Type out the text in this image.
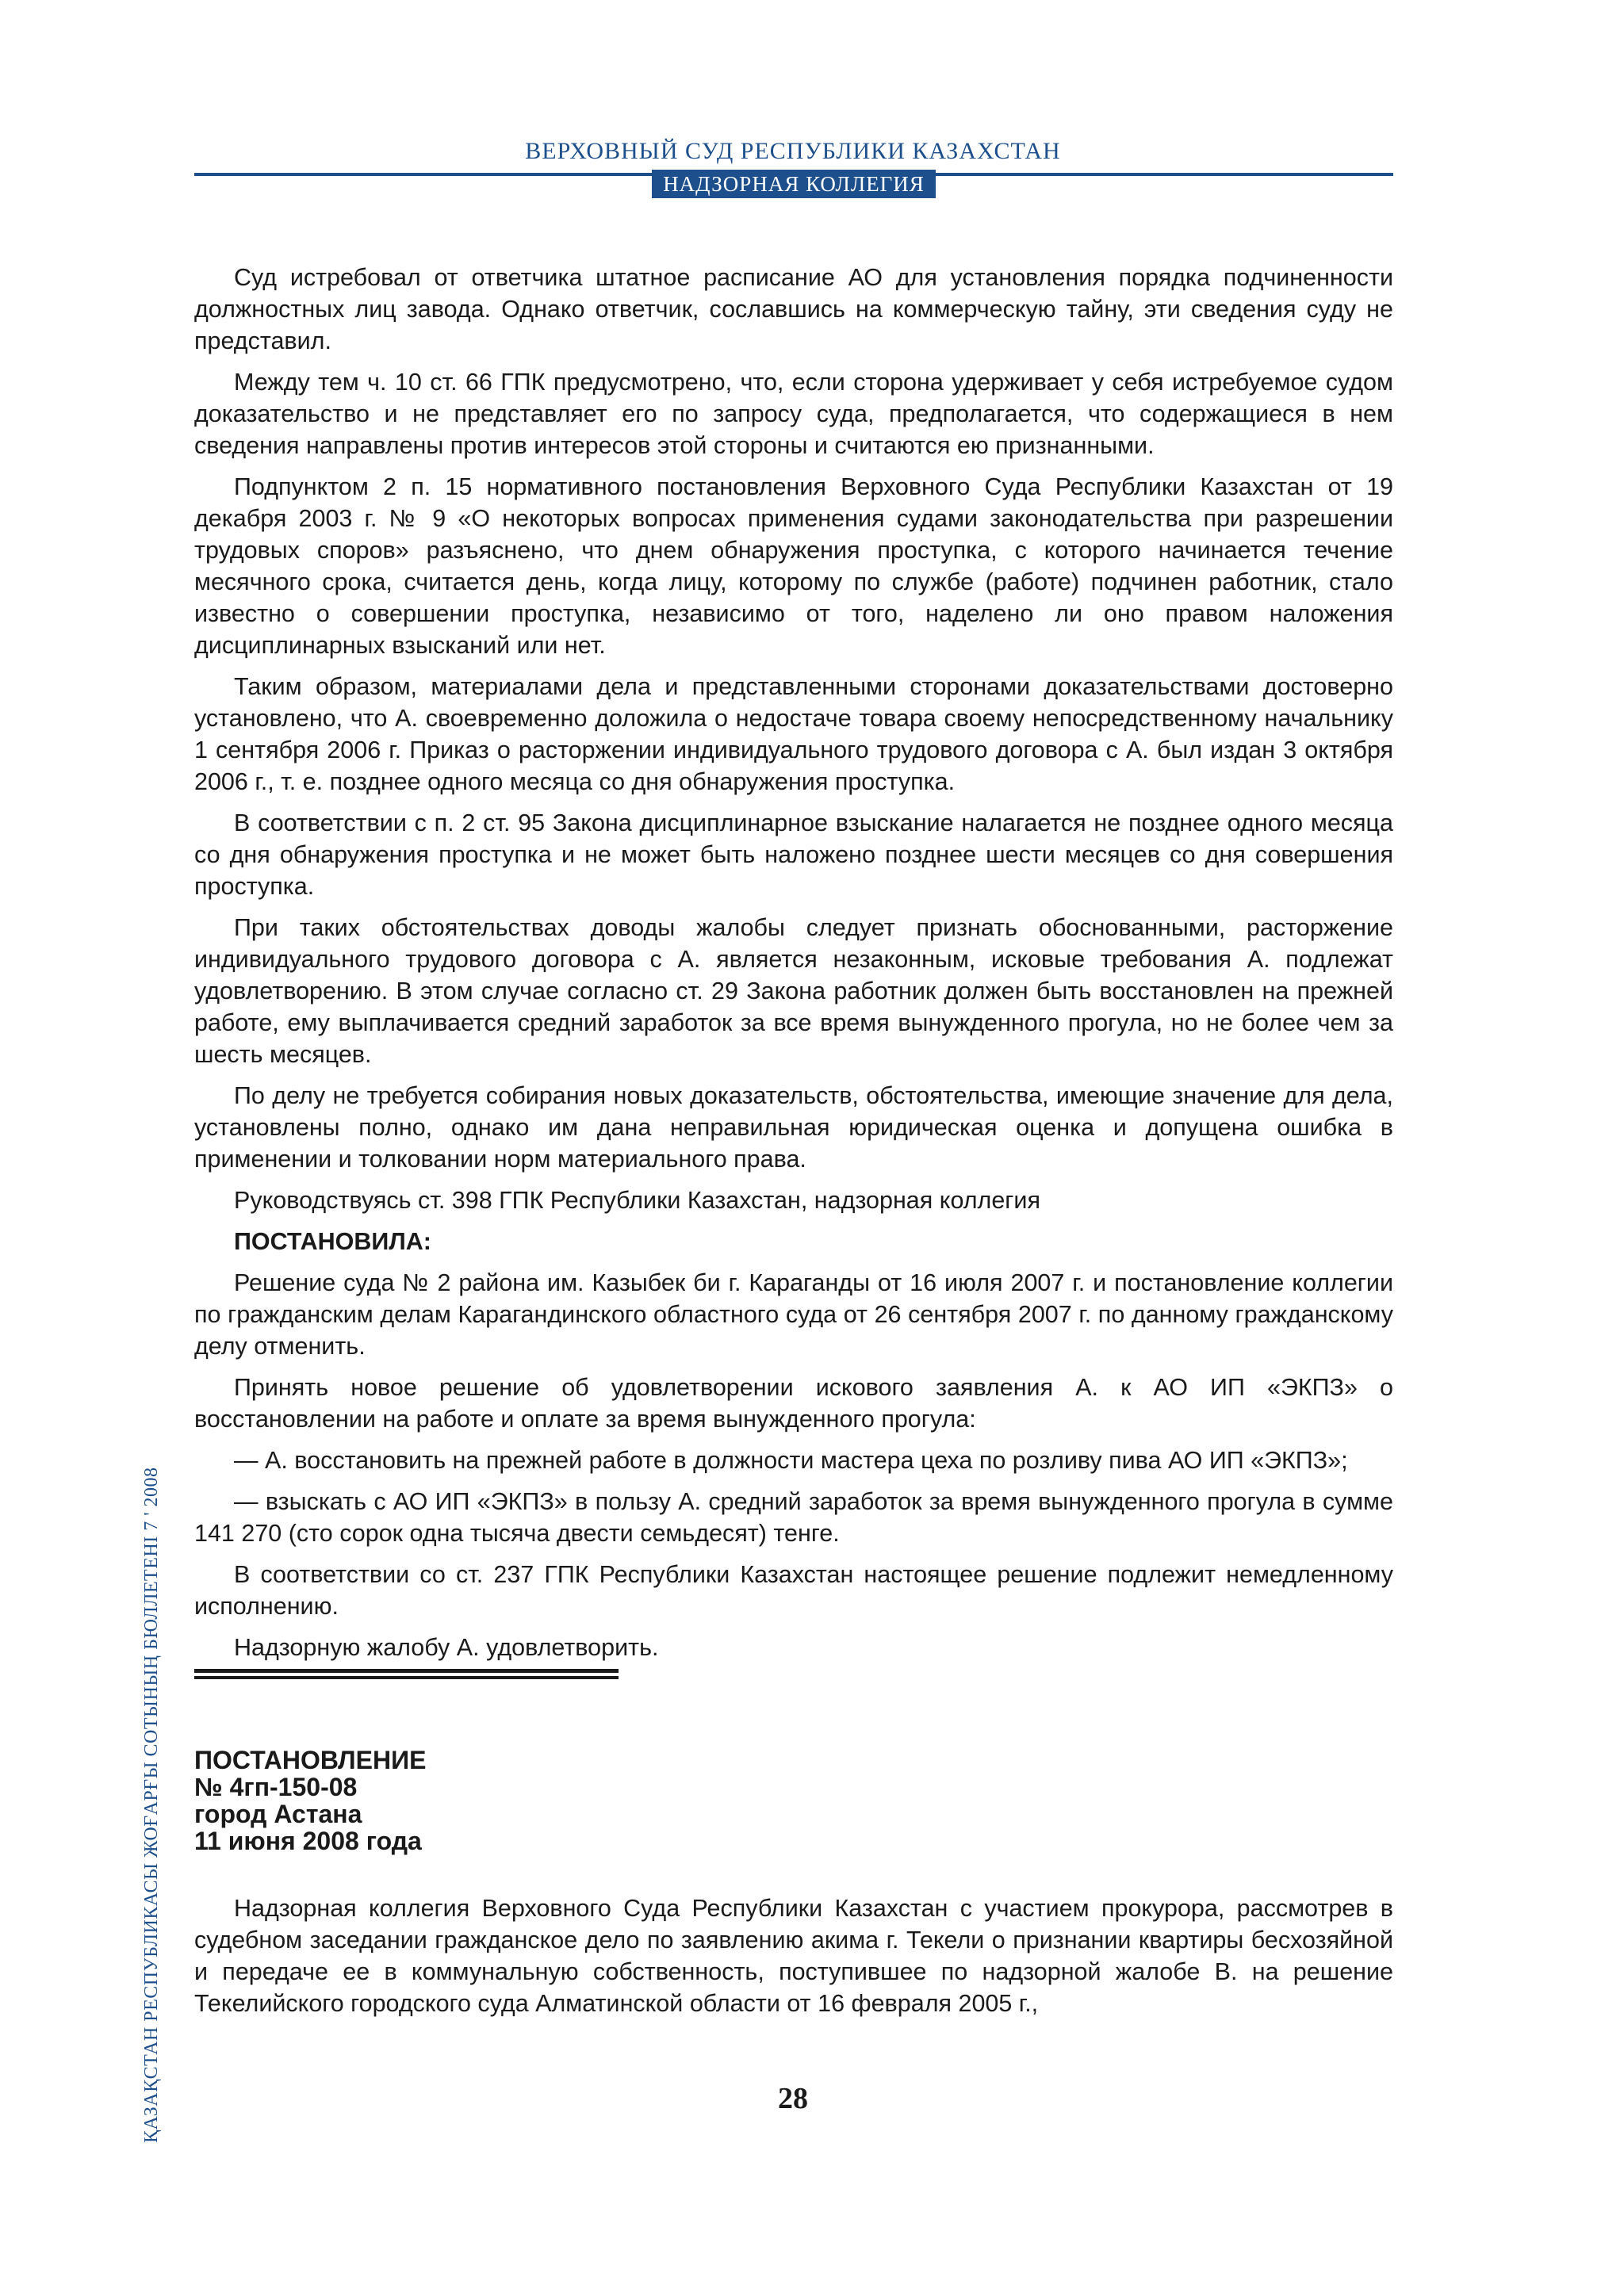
ВЕРХОВНЫЙ СУД РЕСПУБЛИКИ КАЗАХСТАН
НАДЗОРНАЯ КОЛЛЕГИЯ
ҚАЗАҚСТАН РЕСПУБЛИКАСЫ ЖОҒАРҒЫ СОТЫНЫҢ БЮЛЛЕТЕНІ 7 ' 2008

Суд истребовал от ответчика штатное расписание АО для установления порядка подчиненности должностных лиц завода. Однако ответчик, сославшись на коммерческую тайну, эти сведения суду не представил.

Между тем ч. 10 ст. 66 ГПК предусмотрено, что, если сторона удерживает у себя истребуемое судом доказательство и не представляет его по запросу суда, предполагается, что содержащиеся в нем сведения направлены против интересов этой стороны и считаются ею признанными.

Подпунктом 2 п. 15 нормативного постановления Верховного Суда Республики Казахстан от 19 декабря 2003 г. № 9 «О некоторых вопросах применения судами законодательства при разрешении трудовых споров» разъяснено, что днем обнаружения проступка, с которого начинается течение месячного срока, считается день, когда лицу, которому по службе (работе) подчинен работник, стало известно о совершении проступка, независимо от того, наделено ли оно правом наложения дисциплинарных взысканий или нет.

Таким образом, материалами дела и представленными сторонами доказательствами достоверно установлено, что А. своевременно доложила о недостаче товара своему непосредственному начальнику 1 сентября 2006 г. Приказ о расторжении индивидуального трудового договора с А. был издан 3 октября 2006 г., т. е. позднее одного месяца со дня обнаружения проступка.

В соответствии с п. 2 ст. 95 Закона дисциплинарное взыскание налагается не позднее одного месяца со дня обнаружения проступка и не может быть наложено позднее шести месяцев со дня совершения проступка.

При таких обстоятельствах доводы жалобы следует признать обоснованными, расторжение индивидуального трудового договора с А. является незаконным, исковые требования А. подлежат удовлетворению. В этом случае согласно ст. 29 Закона работник должен быть восстановлен на прежней работе, ему выплачивается средний заработок за все время вынужденного прогула, но не более чем за шесть месяцев.

По делу не требуется собирания новых доказательств, обстоятельства, имеющие значение для дела, установлены полно, однако им дана неправильная юридическая оценка и допущена ошибка в применении и толковании норм материального права.

Руководствуясь ст. 398 ГПК Республики Казахстан, надзорная коллегия

ПОСТАНОВИЛА:

Решение суда № 2 района им. Казыбек би г. Караганды от 16 июля 2007 г. и постановление коллегии по гражданским делам Карагандинского областного суда от 26 сентября 2007 г. по данному гражданскому делу отменить.

Принять новое решение об удовлетворении искового заявления А. к АО ИП «ЭКПЗ» о восстановлении на работе и оплате за время вынужденного прогула:

— А. восстановить на прежней работе в должности мастера цеха по розливу пива АО ИП «ЭКПЗ»;

— взыскать с АО ИП «ЭКПЗ» в пользу А. средний заработок за время вынужденного прогула в сумме 141 270 (сто сорок одна тысяча двести семьдесят) тенге.

В соответствии со ст. 237 ГПК Республики Казахстан настоящее решение подлежит немедленному исполнению.

Надзорную жалобу А. удовлетворить.

ПОСТАНОВЛЕНИЕ
№ 4гп-150-08
город Астана
11 июня 2008 года

Надзорная коллегия Верховного Суда Республики Казахстан с участием прокурора, рассмотрев в судебном заседании гражданское дело по заявлению акима г. Текели о признании квартиры бесхозяйной и передаче ее в коммунальную собственность, поступившее по надзорной жалобе В. на решение Текелийского городского суда Алматинской области от 16 февраля 2005 г.,

28
